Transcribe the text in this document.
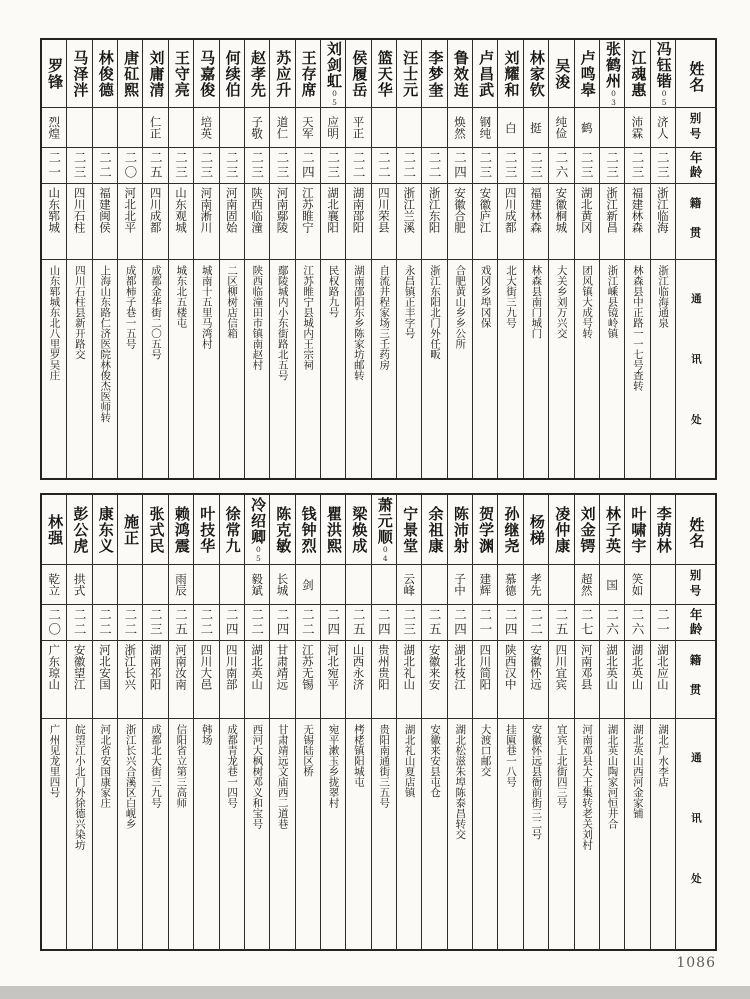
姓名
别号
年龄
籍贯
通讯处
冯钰锴05
济人
二三
浙江临海
浙江临海通泉
江魂惠
沛霖
二三
福建林森
林森县中正路一一七号查转
张鹤州03
二三
浙江新昌
浙江嵊县镜岭镇
卢鸣皋
鹤
二三
湖北黄冈
团风镇大成号转
吴浚
纯俭
二六
安徽桐城
大关乡刘万兴交
林家钦
挺
二三
福建林森
林森县南门城门
刘耀和
白
二三
四川成都
北大街三九号
卢昌武
钢纯
二三
安徽庐江
戏冈乡埠冈保
鲁效连
焕然
二四
安徽合肥
合肥黄山乡乡公所
李梦奎
二二
浙江东阳
浙江东阳北门外任畈
汪士元
二二
浙江兰溪
永昌镇正丰字号
篮天华
二二
四川荣县
自流井程家场三壬药房
侯履岳
平正
二二
湖南邵阳
湖南邵阳东乡陈家坊邮转
刘剑虹05
应明
二三
湖北襄阳
民权路九号
王存席
天军
二四
江苏睢宁
江苏睢宁县城内王宗祠
苏应升
道仁
二三
河南鄢陵
鄢陵城内小东街路北五号
赵孝先
子敬
二三
陕西临潼
陕西临潼田市镇南赵村
何续伯
二三
河南固始
二区柳树店信箱
马嘉俊
培英
二三
河南淅川
城南十五里马湾村
王守亮
二三
山东观城
城东北五楼屯
刘庸清
仁正
二五
四川成都
成都金华街二〇五号
唐矼熙
二〇
河北北平
成都柿子巷一五号
林俊德
二二
福建闽侯
上海山东路仁济医院林俊杰医师转
马泽泮
二三
四川石柱
四川石柱县新开路交
罗锋
烈煌
二一
山东郓城
山东郓城东北八里罗吴庄
姓名
别号
年龄
籍贯
通讯处
李荫林
二一
湖北应山
湖北广水李店
叶啸宇
笑如
二六
湖北英山
湖北英山西河金家铺
林子英
国
二六
湖北英山
湖北英山陶家河恒井合
刘金锷
超然
二七
河南邓县
河南邓县大王集转老关刘村
凌仲康
二五
四川宜宾
宜宾上北街四三号
杨梯
孝先
二二
安徽怀远
安徽怀远县衙前街三二号
孙继尧
慕德
二四
陕西汉中
挂匾巷一八号
贺学渊
建辉
二一
四川简阳
大渡口邮交
陈沛射
子中
二四
湖北枝江
湖北松滋朱埠陈泰昌转交
余祖康
二五
安徽来安
安徽来安县屯仓
宁景堂
云峰
二三
湖北礼山
湖北礼山夏店镇
萧元顺04
二四
贵州贵阳
贵阳南通街三五号
梁焕成
二五
山西永济
栲栳镇阳城屯
瞿洪熙
二四
河北宛平
宛平漱玉乡拢翠村
钱钟烈
剑
二二
江苏无锡
无锡陆区桥
陈克敏
长城
二四
甘肃靖远
甘肃靖远文庙西二道巷
冷绍卿05
毅斌
二二
湖北英山
西河大枫树邓义和宝号
徐常九
二四
四川南部
成都青龙巷一四号
叶技华
二二
四川大邑
韩场
赖鸿震
雨辰
二五
河南汝南
信阳省立第三高师
张式民
二三
湖南祁阳
成都北大街三九号
施正
二二
浙江长兴
浙江长兴合溪区白岘乡
康东义
二二
河北安国
河北省安国康家庄
彭公虎
拱式
二二
安徽望江
皖望江小北门外徐德兴染坊
林强
乾立
二〇
广东琼山
广州见龙里四号
1086
